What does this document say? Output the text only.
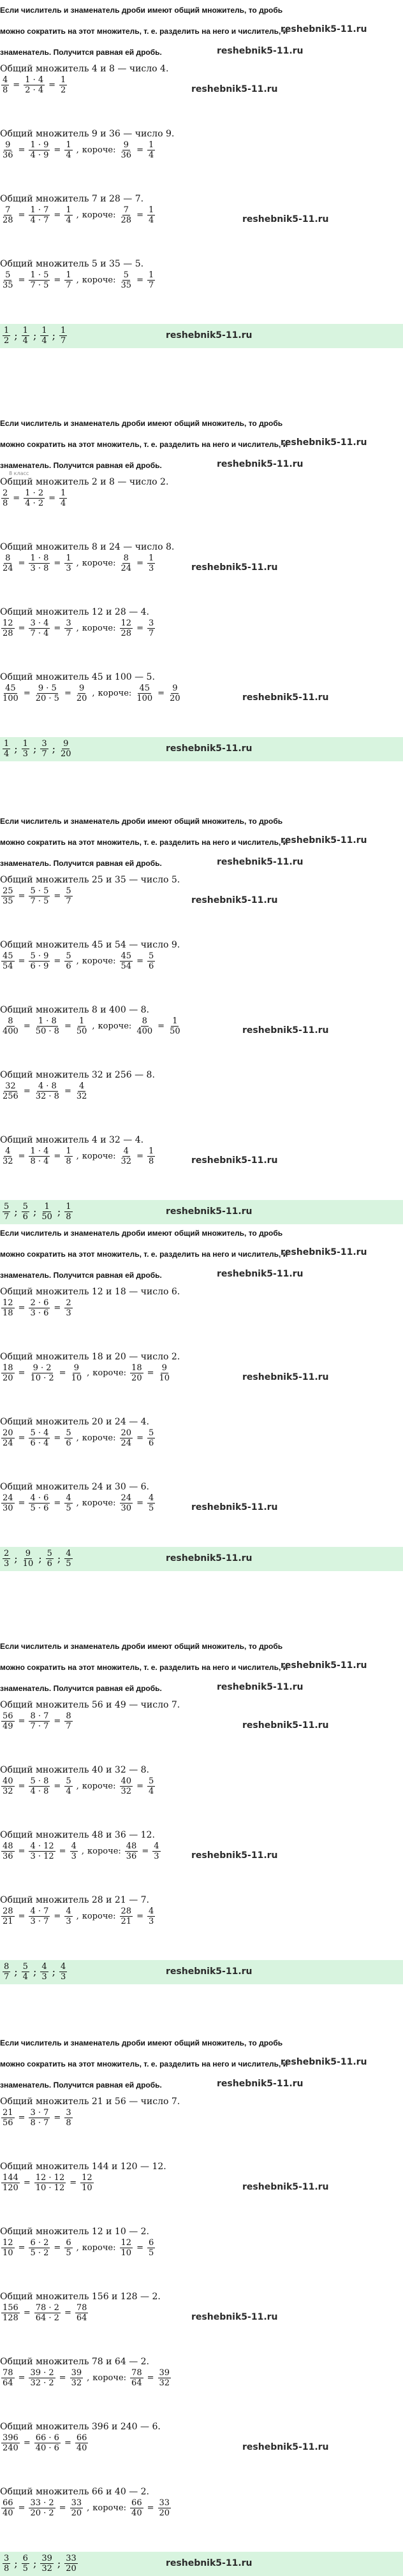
Если числитель и знаменатель дроби имеют общий множитель, то дробь

можно сократить на этот множитель, т. е. разделить на него и числитель, и

знаменатель. Получится равная ей дробь.	reshebnik5-11.ru
reshebnik5-11.ru
Общий множитель 4 и 8 — число 4.
$\frac{4}{8} = \frac{1 \cdot 4}{2 \cdot 4} = \frac{1}{2}$	reshebnik5-11.ru
Общий множитель 9 и 36 — число 9.
$\frac{9}{36} = \frac{1 \cdot 9}{4 \cdot 9} = \frac{1}{4}$ , короче: $\frac{9}{36} = \frac{1}{4}$
Общий множитель 7 и 28 — 7.
$\frac{7}{28} = \frac{1 \cdot 7}{4 \cdot 7} = \frac{1}{4}$ , короче: $\frac{7}{28} = \frac{1}{4}$	reshebnik5-11.ru
Общий множитель 5 и 35 — 5.
$\frac{5}{35} = \frac{1 \cdot 5}{7 \cdot 5} = \frac{1}{7}$ , короче: $\frac{5}{35} = \frac{1}{7}$
$\frac{1}{2}$ ; $\frac{1}{4}$ ; $\frac{1}{4}$ ; $\frac{1}{7}$	reshebnik5-11.ru

Если числитель и знаменатель дроби имеют общий множитель, то дробь

можно сократить на этот множитель, т. е. разделить на него и числитель, и

знаменатель. Получится равная ей дробь.	reshebnik5-11.ru
reshebnik5-11.ru
8 класс
Общий множитель 2 и 8 — число 2.
$\frac{2}{8} = \frac{1 \cdot 2}{4 \cdot 2} = \frac{1}{4}$
Общий множитель 8 и 24 — число 8.
$\frac{8}{24} = \frac{1 \cdot 8}{3 \cdot 8} = \frac{1}{3}$ , короче: $\frac{8}{24} = \frac{1}{3}$	reshebnik5-11.ru
Общий множитель 12 и 28 — 4.
$\frac{12}{28} = \frac{3 \cdot 4}{7 \cdot 4} = \frac{3}{7}$ , короче: $\frac{12}{28} = \frac{3}{7}$
Общий множитель 45 и 100 — 5.
$\frac{45}{100} = \frac{9 \cdot 5}{20 \cdot 5} = \frac{9}{20}$ , короче: $\frac{45}{100} = \frac{9}{20}$	reshebnik5-11.ru
$\frac{1}{4}$ ; $\frac{1}{3}$ ; $\frac{3}{7}$ ; $\frac{9}{20}$	reshebnik5-11.ru

Если числитель и знаменатель дроби имеют общий множитель, то дробь

можно сократить на этот множитель, т. е. разделить на него и числитель, и

знаменатель. Получится равная ей дробь.	reshebnik5-11.ru
reshebnik5-11.ru
Общий множитель 25 и 35 — число 5.
$\frac{25}{35} = \frac{5 \cdot 5}{7 \cdot 5} = \frac{5}{7}$	reshebnik5-11.ru
Общий множитель 45 и 54 — число 9.
$\frac{45}{54} = \frac{5 \cdot 9}{6 \cdot 9} = \frac{5}{6}$ , короче: $\frac{45}{54} = \frac{5}{6}$
Общий множитель 8 и 400 — 8.
$\frac{8}{400} = \frac{1 \cdot 8}{50 \cdot 8} = \frac{1}{50}$ , короче: $\frac{8}{400} = \frac{1}{50}$	reshebnik5-11.ru
Общий множитель 32 и 256 — 8.
$\frac{32}{256} = \frac{4 \cdot 8}{32 \cdot 8} = \frac{4}{32}$
Общий множитель 4 и 32 — 4.
$\frac{4}{32} = \frac{1 \cdot 4}{8 \cdot 4} = \frac{1}{8}$ , короче: $\frac{4}{32} = \frac{1}{8}$	reshebnik5-11.ru
$\frac{5}{7}$ ; $\frac{5}{6}$ ; $\frac{1}{50}$ ; $\frac{1}{8}$	reshebnik5-11.ru

Если числитель и знаменатель дроби имеют общий множитель, то дробь

можно сократить на этот множитель, т. е. разделить на него и числитель, и

знаменатель. Получится равная ей дробь.	reshebnik5-11.ru
reshebnik5-11.ru
Общий множитель 12 и 18 — число 6.
$\frac{12}{18} = \frac{2 \cdot 6}{3 \cdot 6} = \frac{2}{3}$
Общий множитель 18 и 20 — число 2.
$\frac{18}{20} = \frac{9 \cdot 2}{10 \cdot 2} = \frac{9}{10}$ , короче: $\frac{18}{20} = \frac{9}{10}$	reshebnik5-11.ru
Общий множитель 20 и 24 — 4.
$\frac{20}{24} = \frac{5 \cdot 4}{6 \cdot 4} = \frac{5}{6}$ , короче: $\frac{20}{24} = \frac{5}{6}$
Общий множитель 24 и 30 — 6.
$\frac{24}{30} = \frac{4 \cdot 6}{5 \cdot 6} = \frac{4}{5}$ , короче: $\frac{24}{30} = \frac{4}{5}$	reshebnik5-11.ru
$\frac{2}{3}$ ; $\frac{9}{10}$ ; $\frac{5}{6}$ ; $\frac{4}{5}$	reshebnik5-11.ru

Если числитель и знаменатель дроби имеют общий множитель, то дробь

можно сократить на этот множитель, т. е. разделить на него и числитель, и

знаменатель. Получится равная ей дробь.	reshebnik5-11.ru
reshebnik5-11.ru
Общий множитель 56 и 49 — число 7.
$\frac{56}{49} = \frac{8 \cdot 7}{7 \cdot 7} = \frac{8}{7}$	reshebnik5-11.ru
Общий множитель 40 и 32 — 8.
$\frac{40}{32} = \frac{5 \cdot 8}{4 \cdot 8} = \frac{5}{4}$ , короче: $\frac{40}{32} = \frac{5}{4}$
Общий множитель 48 и 36 — 12.
$\frac{48}{36} = \frac{4 \cdot 12}{3 \cdot 12} = \frac{4}{3}$ , короче: $\frac{48}{36} = \frac{4}{3}$	reshebnik5-11.ru
Общий множитель 28 и 21 — 7.
$\frac{28}{21} = \frac{4 \cdot 7}{3 \cdot 7} = \frac{4}{3}$ , короче: $\frac{28}{21} = \frac{4}{3}$
$\frac{8}{7}$ ; $\frac{5}{4}$ ; $\frac{4}{3}$ ; $\frac{4}{3}$	reshebnik5-11.ru

Если числитель и знаменатель дроби имеют общий множитель, то дробь

можно сократить на этот множитель, т. е. разделить на него и числитель, и

знаменатель. Получится равная ей дробь.	reshebnik5-11.ru
reshebnik5-11.ru
Общий множитель 21 и 56 — число 7.
$\frac{21}{56} = \frac{3 \cdot 7}{8 \cdot 7} = \frac{3}{8}$
Общий множитель 144 и 120 — 12.
$\frac{144}{120} = \frac{12 \cdot 12}{10 \cdot 12} = \frac{12}{10}$	reshebnik5-11.ru
Общий множитель 12 и 10 — 2.
$\frac{12}{10} = \frac{6 \cdot 2}{5 \cdot 2} = \frac{6}{5}$ , короче: $\frac{12}{10} = \frac{6}{5}$
Общий множитель 156 и 128 — 2.
$\frac{156}{128} = \frac{78 \cdot 2}{64 \cdot 2} = \frac{78}{64}$	reshebnik5-11.ru
Общий множитель 78 и 64 — 2.
$\frac{78}{64} = \frac{39 \cdot 2}{32 \cdot 2} = \frac{39}{32}$ , короче: $\frac{78}{64} = \frac{39}{32}$
Общий множитель 396 и 240 — 6.
$\frac{396}{240} = \frac{66 \cdot 6}{40 \cdot 6} = \frac{66}{40}$	reshebnik5-11.ru
Общий множитель 66 и 40 — 2.
$\frac{66}{40} = \frac{33 \cdot 2}{20 \cdot 2} = \frac{33}{20}$ , короче: $\frac{66}{40} = \frac{33}{20}$
$\frac{3}{8}$ ; $\frac{6}{5}$ ; $\frac{39}{32}$ ; $\frac{33}{20}$	reshebnik5-11.ru
